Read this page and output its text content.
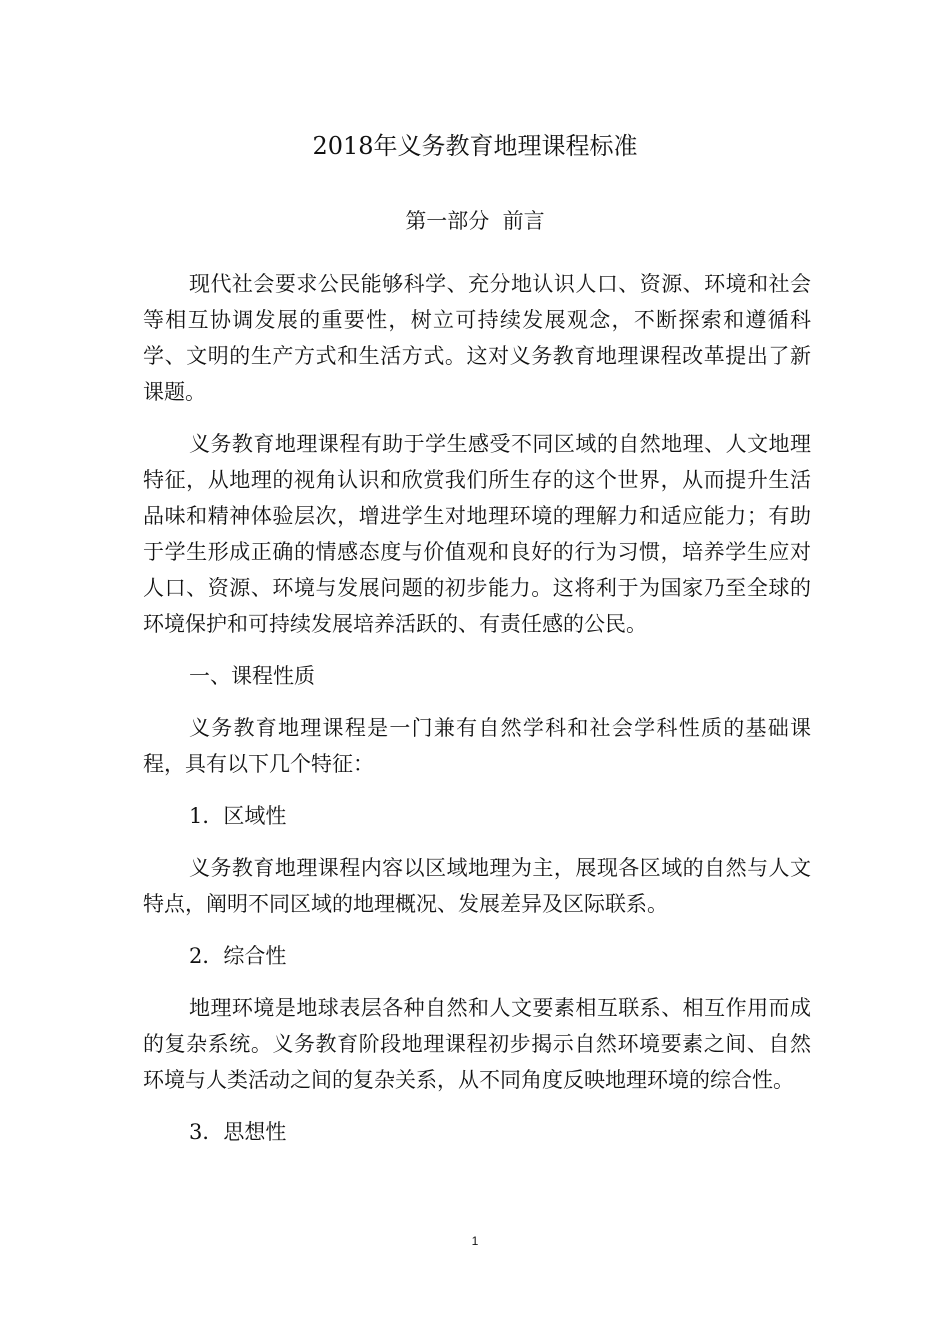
2018年义务教育地理课程标准
第一部分  前言

现代社会要求公民能够科学、充分地认识人口、资源、环境和社会等相互协调发展的重要性，树立可持续发展观念，不断探索和遵循科学、文明的生产方式和生活方式。这对义务教育地理课程改革提出了新课题。

义务教育地理课程有助于学生感受不同区域的自然地理、人文地理特征，从地理的视角认识和欣赏我们所生存的这个世界，从而提升生活品味和精神体验层次，增进学生对地理环境的理解力和适应能力；有助于学生形成正确的情感态度与价值观和良好的行为习惯，培养学生应对人口、资源、环境与发展问题的初步能力。这将利于为国家乃至全球的环境保护和可持续发展培养活跃的、有责任感的公民。

一、课程性质

义务教育地理课程是一门兼有自然学科和社会学科性质的基础课程，具有以下几个特征：

1．区域性

义务教育地理课程内容以区域地理为主，展现各区域的自然与人文特点，阐明不同区域的地理概况、发展差异及区际联系。

2．综合性

地理环境是地球表层各种自然和人文要素相互联系、相互作用而成的复杂系统。义务教育阶段地理课程初步揭示自然环境要素之间、自然环境与人类活动之间的复杂关系，从不同角度反映地理环境的综合性。

3．思想性

1
